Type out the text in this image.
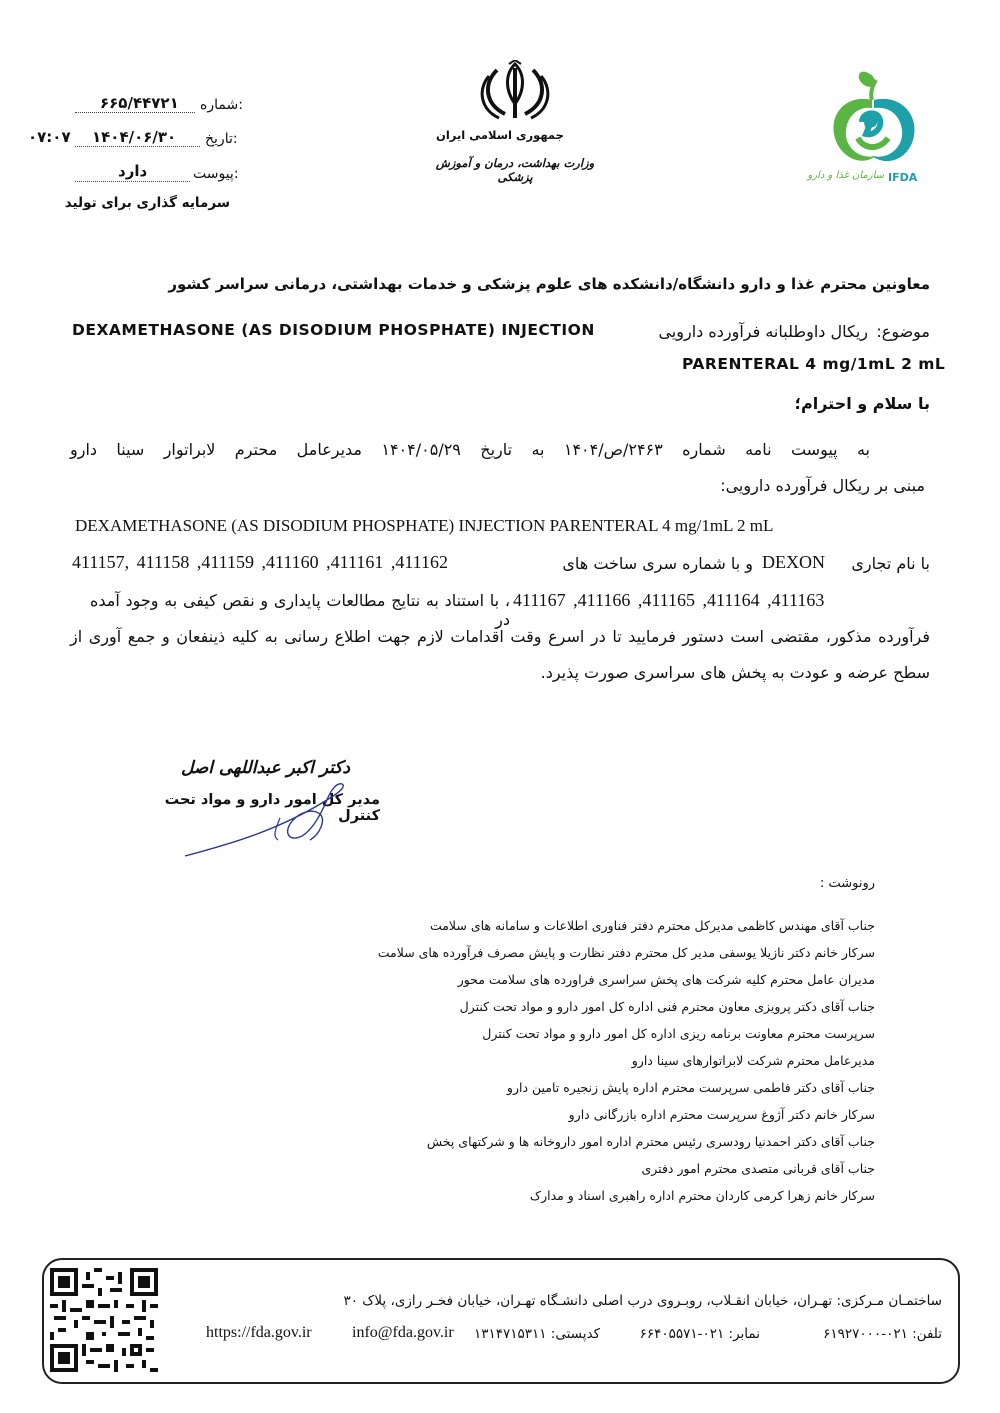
شماره:
۶۶۵/۴۴۷۲۱
تاریخ:
۱۴۰۴/۰۶/۳۰
۰۷:۰۷
پیوست:
دارد
سرمایه گذاری برای تولید
جمهوری اسلامی ایران
وزارت بهداشت، درمان و آموزش پزشکی	IFDA
سازمان غذا و دارو
معاونین محترم غذا و دارو دانشگاه/دانشکده های علوم پزشکی و خدمات بهداشتی، درمانی سراسر کشور
موضوع:
ریکال داوطلبانه فرآورده دارویی
DEXAMETHASONE (AS DISODIUM PHOSPHATE) INJECTION
PARENTERAL 4 mg/1mL 2 mL
با سلام و احترام؛
به پیوست نامه شماره ۲۴۶۳/ص/۱۴۰۴ به تاریخ ۱۴۰۴/۰۵/۲۹ مدیرعامل محترم لابراتوار سینا دارو
مبنی بر ریکال فرآورده دارویی:
DEXAMETHASONE (AS DISODIUM PHOSPHATE) INJECTION PARENTERAL 4 mg/1mL 2 mL
با نام تجاری
DEXON
و با شماره سری ساخت های
411157, 411158 ,411159 ,411160 ,411161 ,411162
411167 ,411166 ,411165 ,411164 ,411163
، با استناد به نتایج مطالعات پایداری و نقص کیفی به وجود آمده در
فرآورده مذکور، مقتضی است دستور فرمایید تا در اسرع وقت اقدامات لازم جهت اطلاع رسانی به کلیه ذینفعان و جمع آوری از
سطح عرضه و عودت به پخش های سراسری صورت پذیرد.
دکتر اکبر عبداللهی اصل
مدیر کل امور دارو و مواد تحت کنترل
رونوشت :
جناب آقای مهندس کاظمی مدیرکل محترم دفتر فناوری اطلاعات و سامانه های سلامت
سرکار خانم دکتر نازیلا یوسفی مدیر کل محترم دفتر نظارت و پایش مصرف فرآورده های سلامت
مدیران عامل محترم کلیه شرکت های پخش سراسری فراورده های سلامت محور
جناب آقای دکتر پرویزی معاون محترم فنی اداره کل امور دارو و مواد تحت کنترل
سرپرست محترم معاونت برنامه ریزی اداره کل امور دارو و مواد تحت کنترل
مدیرعامل محترم شرکت لابراتوارهای سینا دارو
جناب آقای دکتر فاطمی سرپرست محترم اداره پایش زنجیره تامین دارو
سرکار خانم دکتر آژوغ سرپرست محترم اداره بازرگانی دارو
جناب آقای دکتر احمدنیا رودسری رئیس محترم اداره امور داروخانه ها و شرکتهای پخش
جناب آقای قربانی متصدی محترم امور دفتری
سرکار خانم زهرا کرمی کاردان محترم اداره راهبری اسناد و مدارک
ساختمـان مـرکزی: تهـران، خیابان انقـلاب، روبـروی درب اصلی دانشـگاه تهـران، خیابان فخـر رازی، پلاک ۳۰
تلفن: ۰۲۱-۶۱۹۲۷۰۰۰
نمابر: ۰۲۱-۶۶۴۰۵۵۷۱
کدپستی: ۱۳۱۴۷۱۵۳۱۱
info@fda.gov.ir
https://fda.gov.ir
